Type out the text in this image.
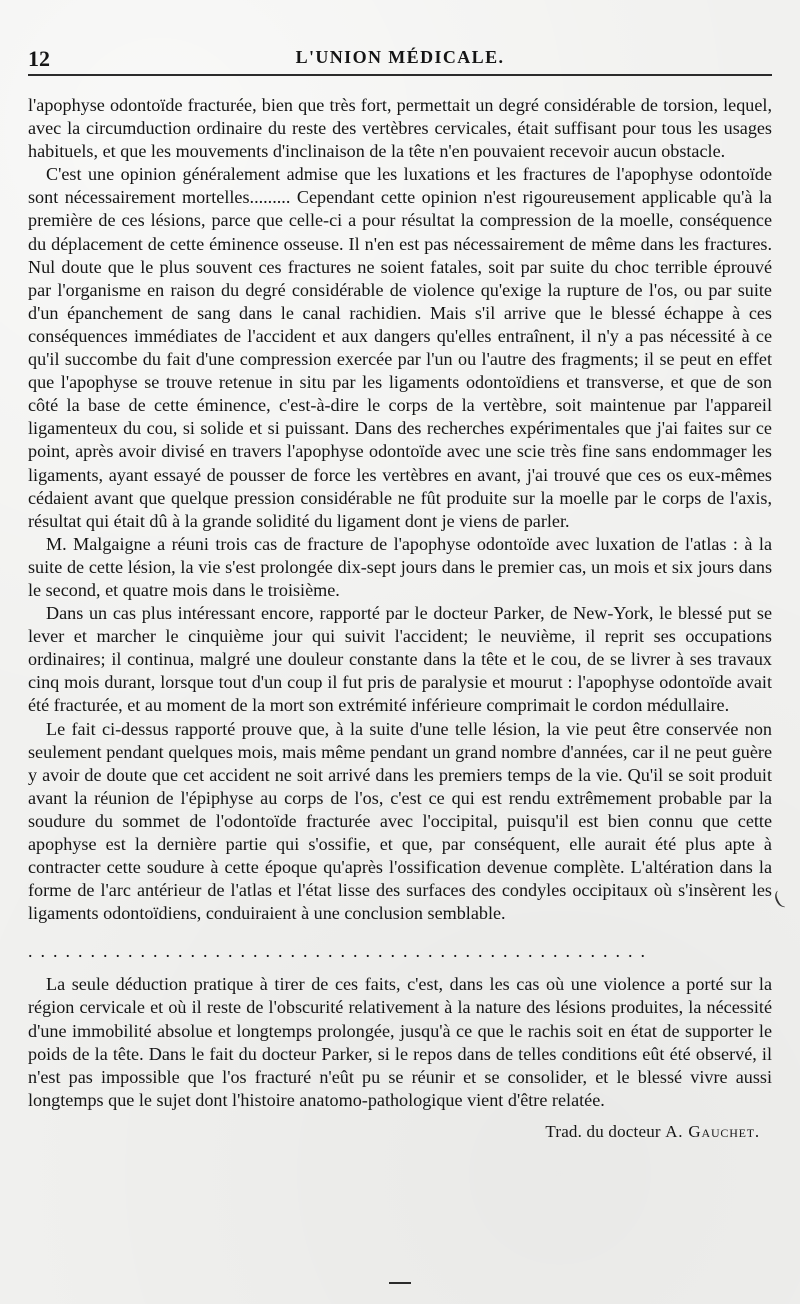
12	L'UNION MÉDICALE.

l'apophyse odontoïde fracturée, bien que très fort, permettait un degré considérable de torsion, lequel, avec la circumduction ordinaire du reste des vertèbres cervicales, était suffisant pour tous les usages habituels, et que les mouvements d'inclinaison de la tête n'en pouvaient recevoir aucun obstacle.

C'est une opinion généralement admise que les luxations et les fractures de l'apophyse odontoïde sont nécessairement mortelles......... Cependant cette opinion n'est rigoureusement applicable qu'à la première de ces lésions, parce que celle-ci a pour résultat la compression de la moelle, conséquence du déplacement de cette éminence osseuse. Il n'en est pas nécessairement de même dans les fractures. Nul doute que le plus souvent ces fractures ne soient fatales, soit par suite du choc terrible éprouvé par l'organisme en raison du degré considérable de violence qu'exige la rupture de l'os, ou par suite d'un épanchement de sang dans le canal rachidien. Mais s'il arrive que le blessé échappe à ces conséquences immédiates de l'accident et aux dangers qu'elles entraînent, il n'y a pas nécessité à ce qu'il succombe du fait d'une compression exercée par l'un ou l'autre des fragments; il se peut en effet que l'apophyse se trouve retenue in situ par les ligaments odontoïdiens et transverse, et que de son côté la base de cette éminence, c'est-à-dire le corps de la vertèbre, soit maintenue par l'appareil ligamenteux du cou, si solide et si puissant. Dans des recherches expérimentales que j'ai faites sur ce point, après avoir divisé en travers l'apophyse odontoïde avec une scie très fine sans endommager les ligaments, ayant essayé de pousser de force les vertèbres en avant, j'ai trouvé que ces os eux-mêmes cédaient avant que quelque pression considérable ne fût produite sur la moelle par le corps de l'axis, résultat qui était dû à la grande solidité du ligament dont je viens de parler.

M. Malgaigne a réuni trois cas de fracture de l'apophyse odontoïde avec luxation de l'atlas : à la suite de cette lésion, la vie s'est prolongée dix-sept jours dans le premier cas, un mois et six jours dans le second, et quatre mois dans le troisième.

Dans un cas plus intéressant encore, rapporté par le docteur Parker, de New-York, le blessé put se lever et marcher le cinquième jour qui suivit l'accident; le neuvième, il reprit ses occupations ordinaires; il continua, malgré une douleur constante dans la tête et le cou, de se livrer à ses travaux cinq mois durant, lorsque tout d'un coup il fut pris de paralysie et mourut : l'apophyse odontoïde avait été fracturée, et au moment de la mort son extrémité inférieure comprimait le cordon médullaire.

Le fait ci-dessus rapporté prouve que, à la suite d'une telle lésion, la vie peut être conservée non seulement pendant quelques mois, mais même pendant un grand nombre d'années, car il ne peut guère y avoir de doute que cet accident ne soit arrivé dans les premiers temps de la vie. Qu'il se soit produit avant la réunion de l'épiphyse au corps de l'os, c'est ce qui est rendu extrêmement probable par la soudure du sommet de l'odontoïde fracturée avec l'occipital, puisqu'il est bien connu que cette apophyse est la dernière partie qui s'ossifie, et que, par conséquent, elle aurait été plus apte à contracter cette soudure à cette époque qu'après l'ossification devenue complète. L'altération dans la forme de l'arc antérieur de l'atlas et l'état lisse des surfaces des condyles occipitaux où s'insèrent les ligaments odontoïdiens, conduiraient à une conclusion semblable.

..................................................

La seule déduction pratique à tirer de ces faits, c'est, dans les cas où une violence a porté sur la région cervicale et où il reste de l'obscurité relativement à la nature des lésions produites, la nécessité d'une immobilité absolue et longtemps prolongée, jusqu'à ce que le rachis soit en état de supporter le poids de la tête. Dans le fait du docteur Parker, si le repos dans de telles conditions eût été observé, il n'est pas impossible que l'os fracturé n'eût pu se réunir et se consolider, et le blessé vivre aussi longtemps que le sujet dont l'histoire anatomo-pathologique vient d'être relatée.

Trad. du docteur A. Gauchet.
(
